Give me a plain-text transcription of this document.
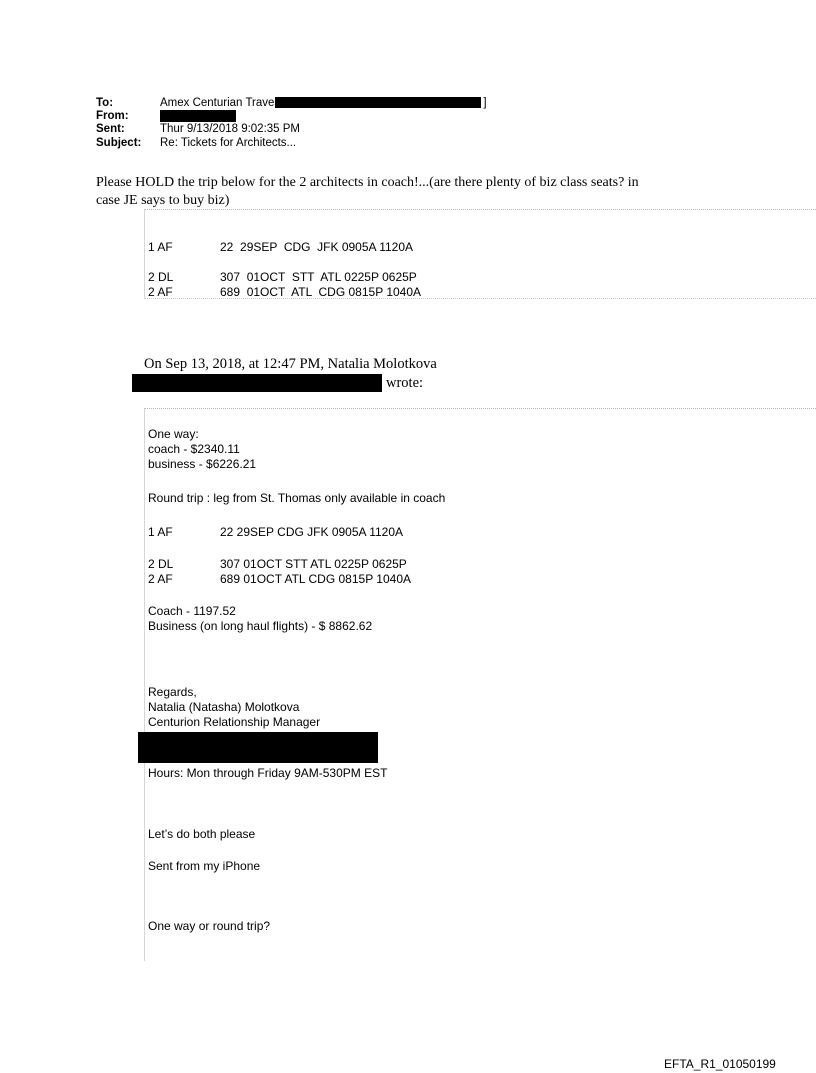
To:	Amex Centurian Trave	]
From:
Sent:	Thur 9/13/2018 9:02:35 PM
Subject:	Re: Tickets for Architects...
Please HOLD the trip below for the 2 architects in coach!...(are there plenty of biz class seats? in
case JE says to buy biz)

1 AF	22  29SEP  CDG  JFK 0905A 1120A

2 DL	307  01OCT  STT  ATL 0225P 0625P

2 AF	689  01OCT  ATL  CDG 0815P 1040A

On Sep 13, 2018, at 12:47 PM, Natalia Molotkova
wrote:
One way:
coach - $2340.11
business - $6226.21
Round trip : leg from St. Thomas only available in coach
1 AF	22 29SEP CDG JFK 0905A 1120A
2 DL	307 01OCT STT ATL 0225P 0625P
2 AF	689 01OCT ATL CDG 0815P 1040A
Coach - 1197.52
Business (on long haul flights) - $ 8862.62
Regards,
Natalia (Natasha) Molotkova
Centurion Relationship Manager
Hours: Mon through Friday 9AM-530PM EST
Let’s do both please
Sent from my iPhone
One way or round trip?
EFTA_R1_01050199
